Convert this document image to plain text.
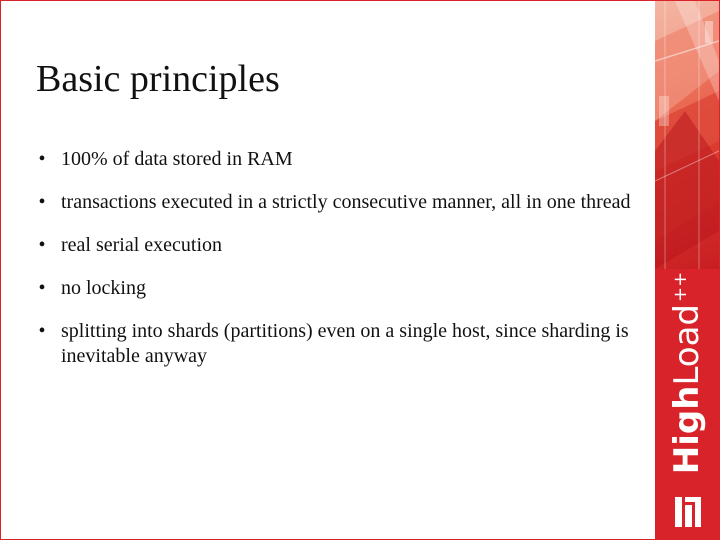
Basic principles
• 100% of data stored in RAM
• transactions executed in a strictly consecutive manner, all in one thread
• real serial execution
• no locking
• splitting into shards (partitions) even on a single host, since sharding is inevitable anyway
HighLoad++
